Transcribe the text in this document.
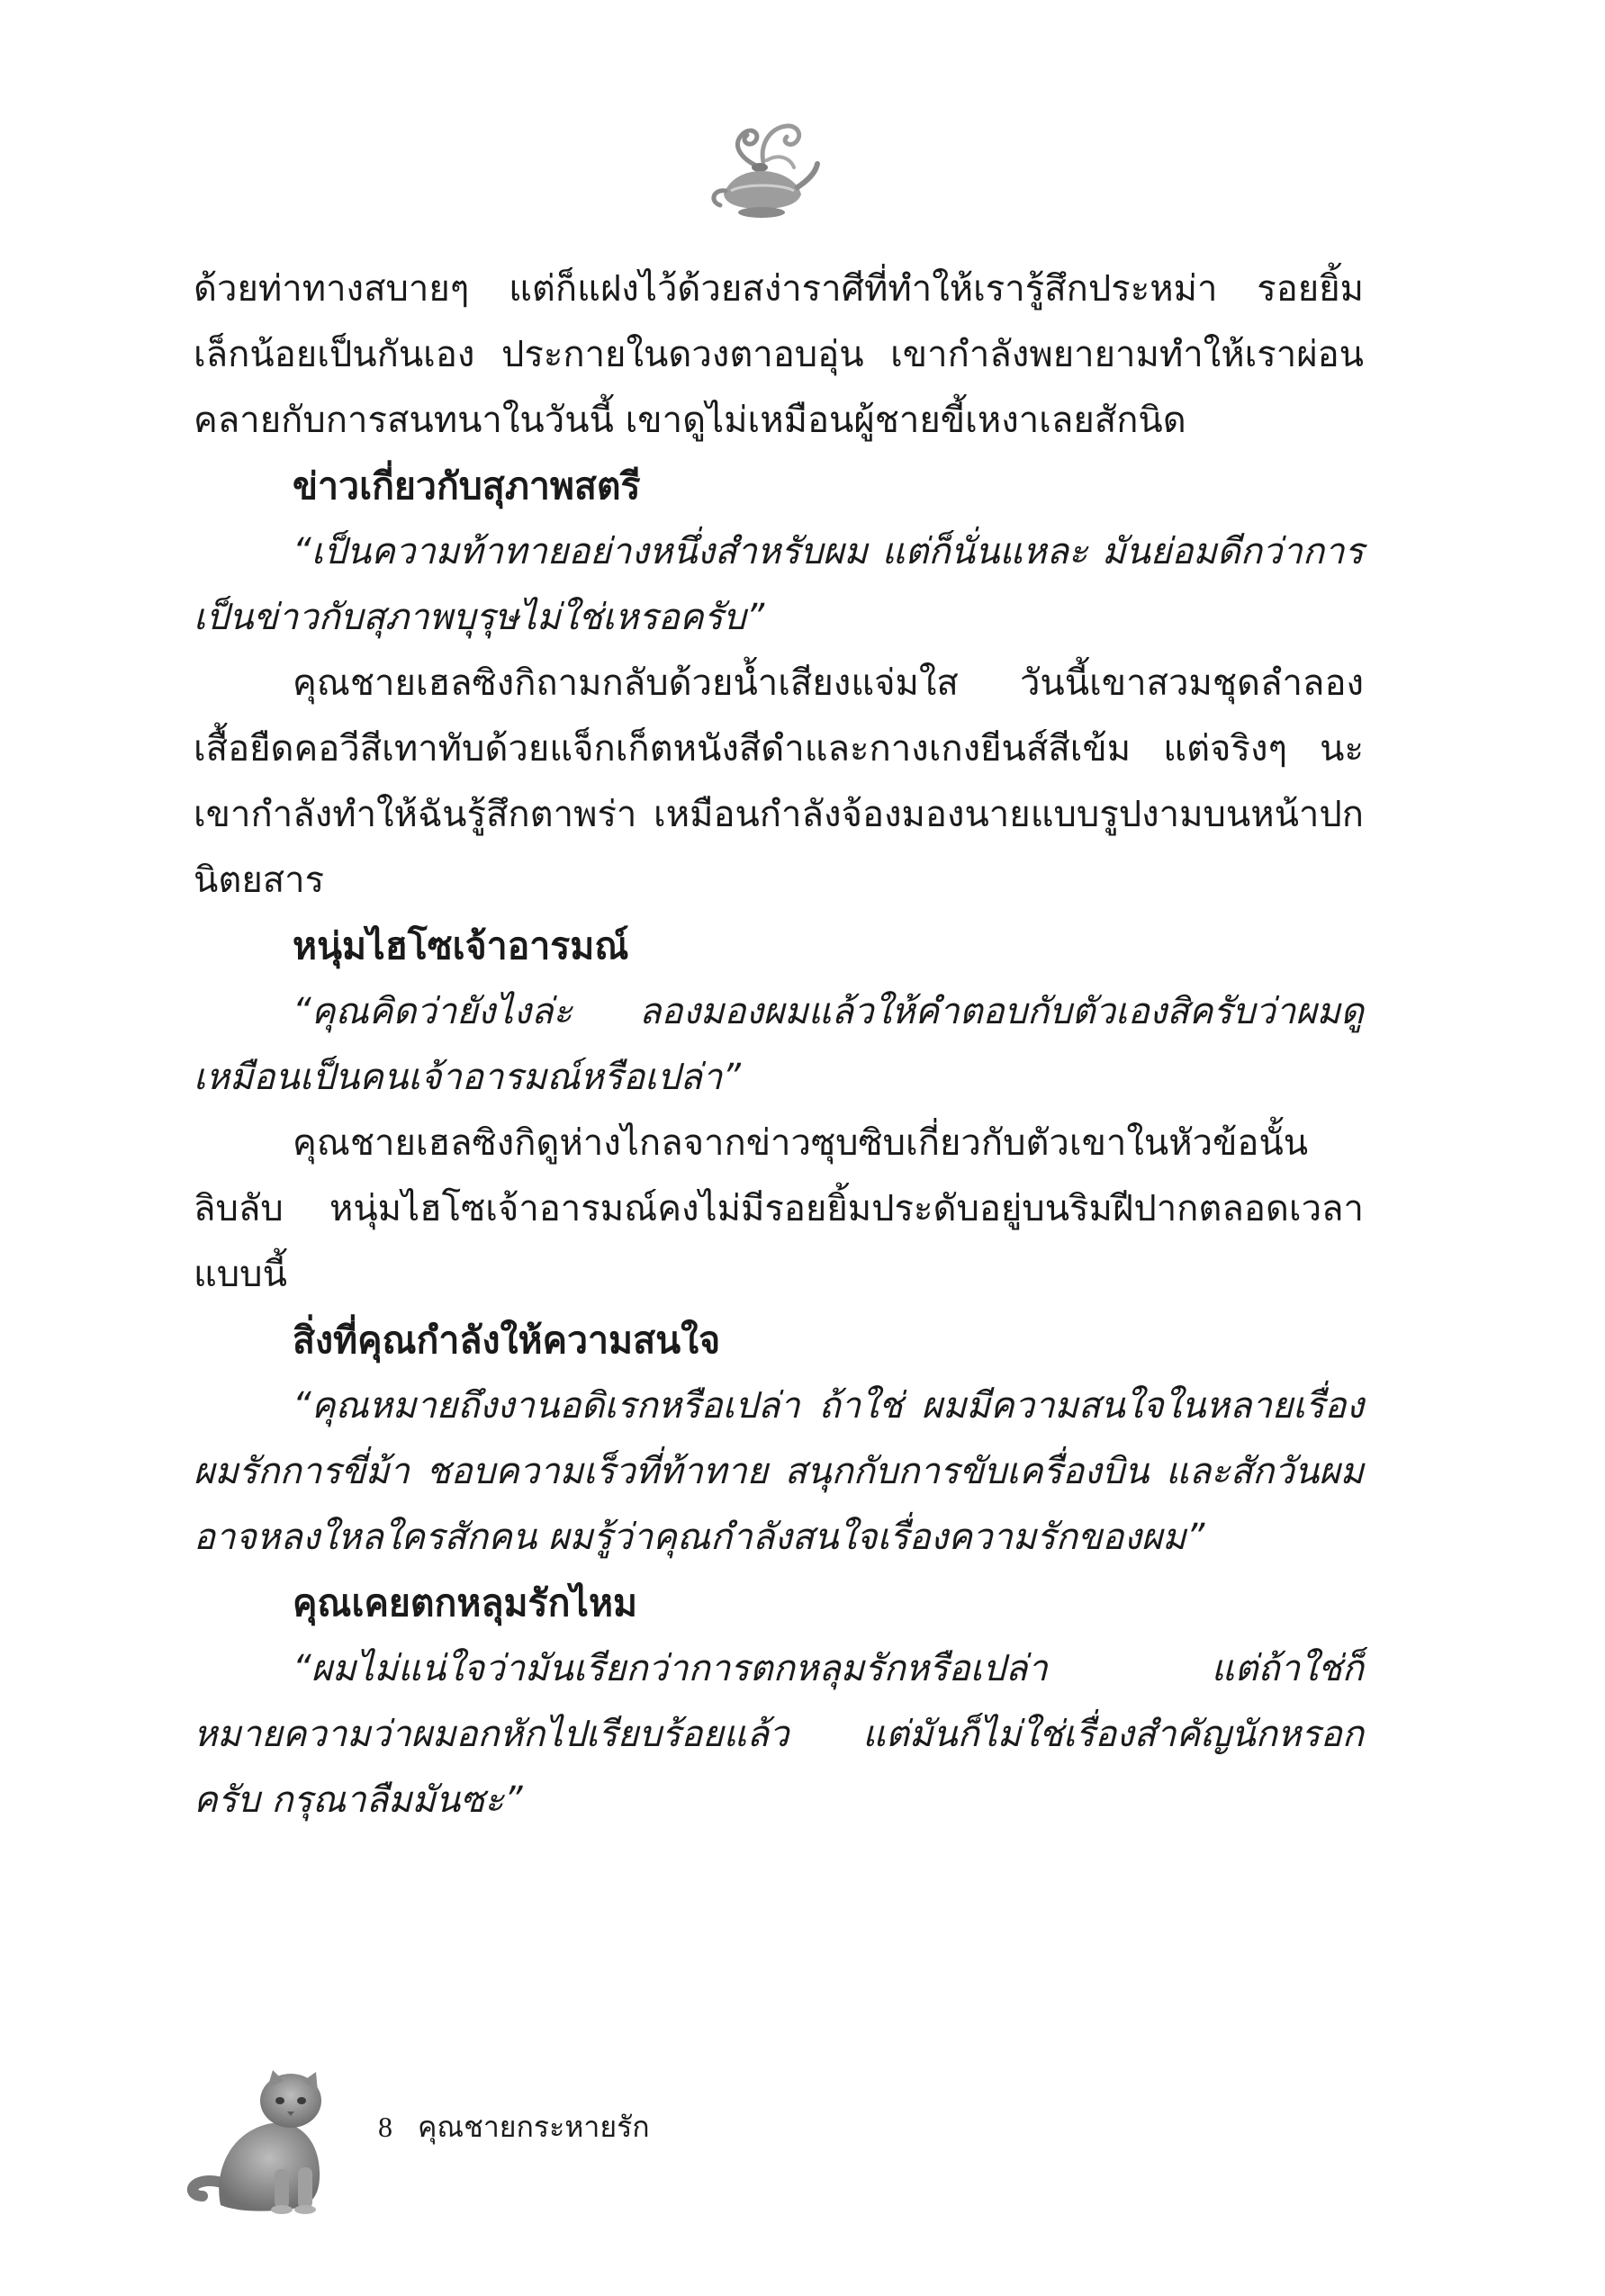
ด้วยท่าทางสบายๆ แต่ก็แฝงไว้ด้วยสง่าราศีที่ทำให้เรารู้สึกประหม่า รอยยิ้มเล็กน้อยเป็นกันเอง ประกายในดวงตาอบอุ่น เขากำลังพยายามทำให้เราผ่อนคลายกับการสนทนาในวันนี้ เขาดูไม่เหมือนผู้ชายขี้เหงาเลยสักนิด

ข่าวเกี่ยวกับสุภาพสตรี

“เป็นความท้าทายอย่างหนึ่งสำหรับผม แต่ก็นั่นแหละ มันย่อมดีกว่าการเป็นข่าวกับสุภาพบุรุษไม่ใช่เหรอครับ”

คุณชายเฮลซิงกิถามกลับด้วยน้ำเสียงแจ่มใส วันนี้เขาสวมชุดลำลอง เสื้อยืดคอวีสีเทาทับด้วยแจ็กเก็ตหนังสีดำและกางเกงยีนส์สีเข้ม แต่จริงๆ นะ เขากำลังทำให้ฉันรู้สึกตาพร่า เหมือนกำลังจ้องมองนายแบบรูปงามบนหน้าปกนิตยสาร

หนุ่มไฮโซเจ้าอารมณ์

“คุณคิดว่ายังไงล่ะ ลองมองผมแล้วให้คำตอบกับตัวเองสิครับว่าผมดูเหมือนเป็นคนเจ้าอารมณ์หรือเปล่า”

คุณชายเฮลซิงกิดูห่างไกลจากข่าวซุบซิบเกี่ยวกับตัวเขาในหัวข้อนั้นลิบลับ หนุ่มไฮโซเจ้าอารมณ์คงไม่มีรอยยิ้มประดับอยู่บนริมฝีปากตลอดเวลาแบบนี้

สิ่งที่คุณกำลังให้ความสนใจ

“คุณหมายถึงงานอดิเรกหรือเปล่า ถ้าใช่ ผมมีความสนใจในหลายเรื่อง ผมรักการขี่ม้า ชอบความเร็วที่ท้าทาย สนุกกับการขับเครื่องบิน และสักวันผมอาจหลงใหลใครสักคน ผมรู้ว่าคุณกำลังสนใจเรื่องความรักของผม”

คุณเคยตกหลุมรักไหม

“ผมไม่แน่ใจว่ามันเรียกว่าการตกหลุมรักหรือเปล่า แต่ถ้าใช่ก็หมายความว่าผมอกหักไปเรียบร้อยแล้ว แต่มันก็ไม่ใช่เรื่องสำคัญนักหรอกครับ กรุณาลืมมันซะ”

8 คุณชายกระหายรัก
